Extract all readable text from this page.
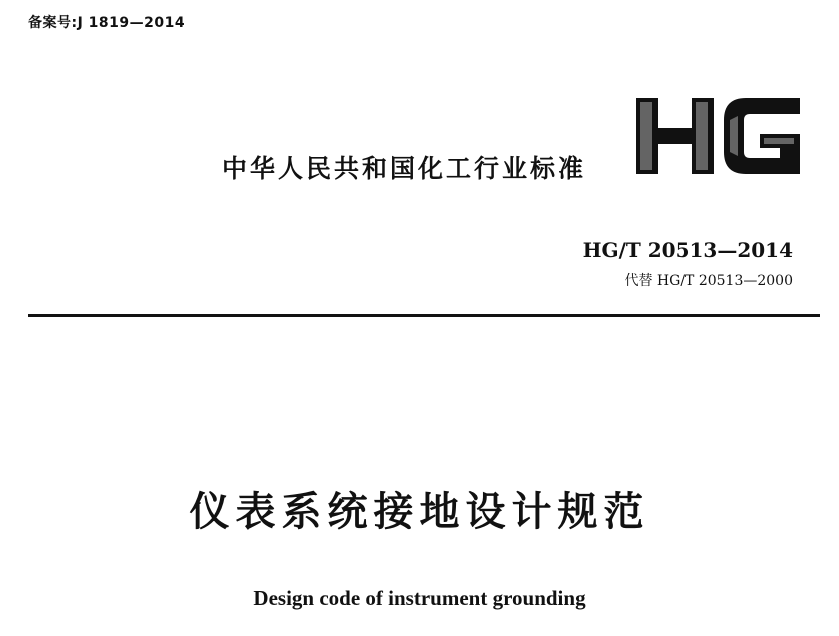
备案号:J 1819—2014
中华人民共和国化工行业标准
HG/T 20513—2014
代替 HG/T 20513—2000
仪表系统接地设计规范
Design code of instrument grounding
